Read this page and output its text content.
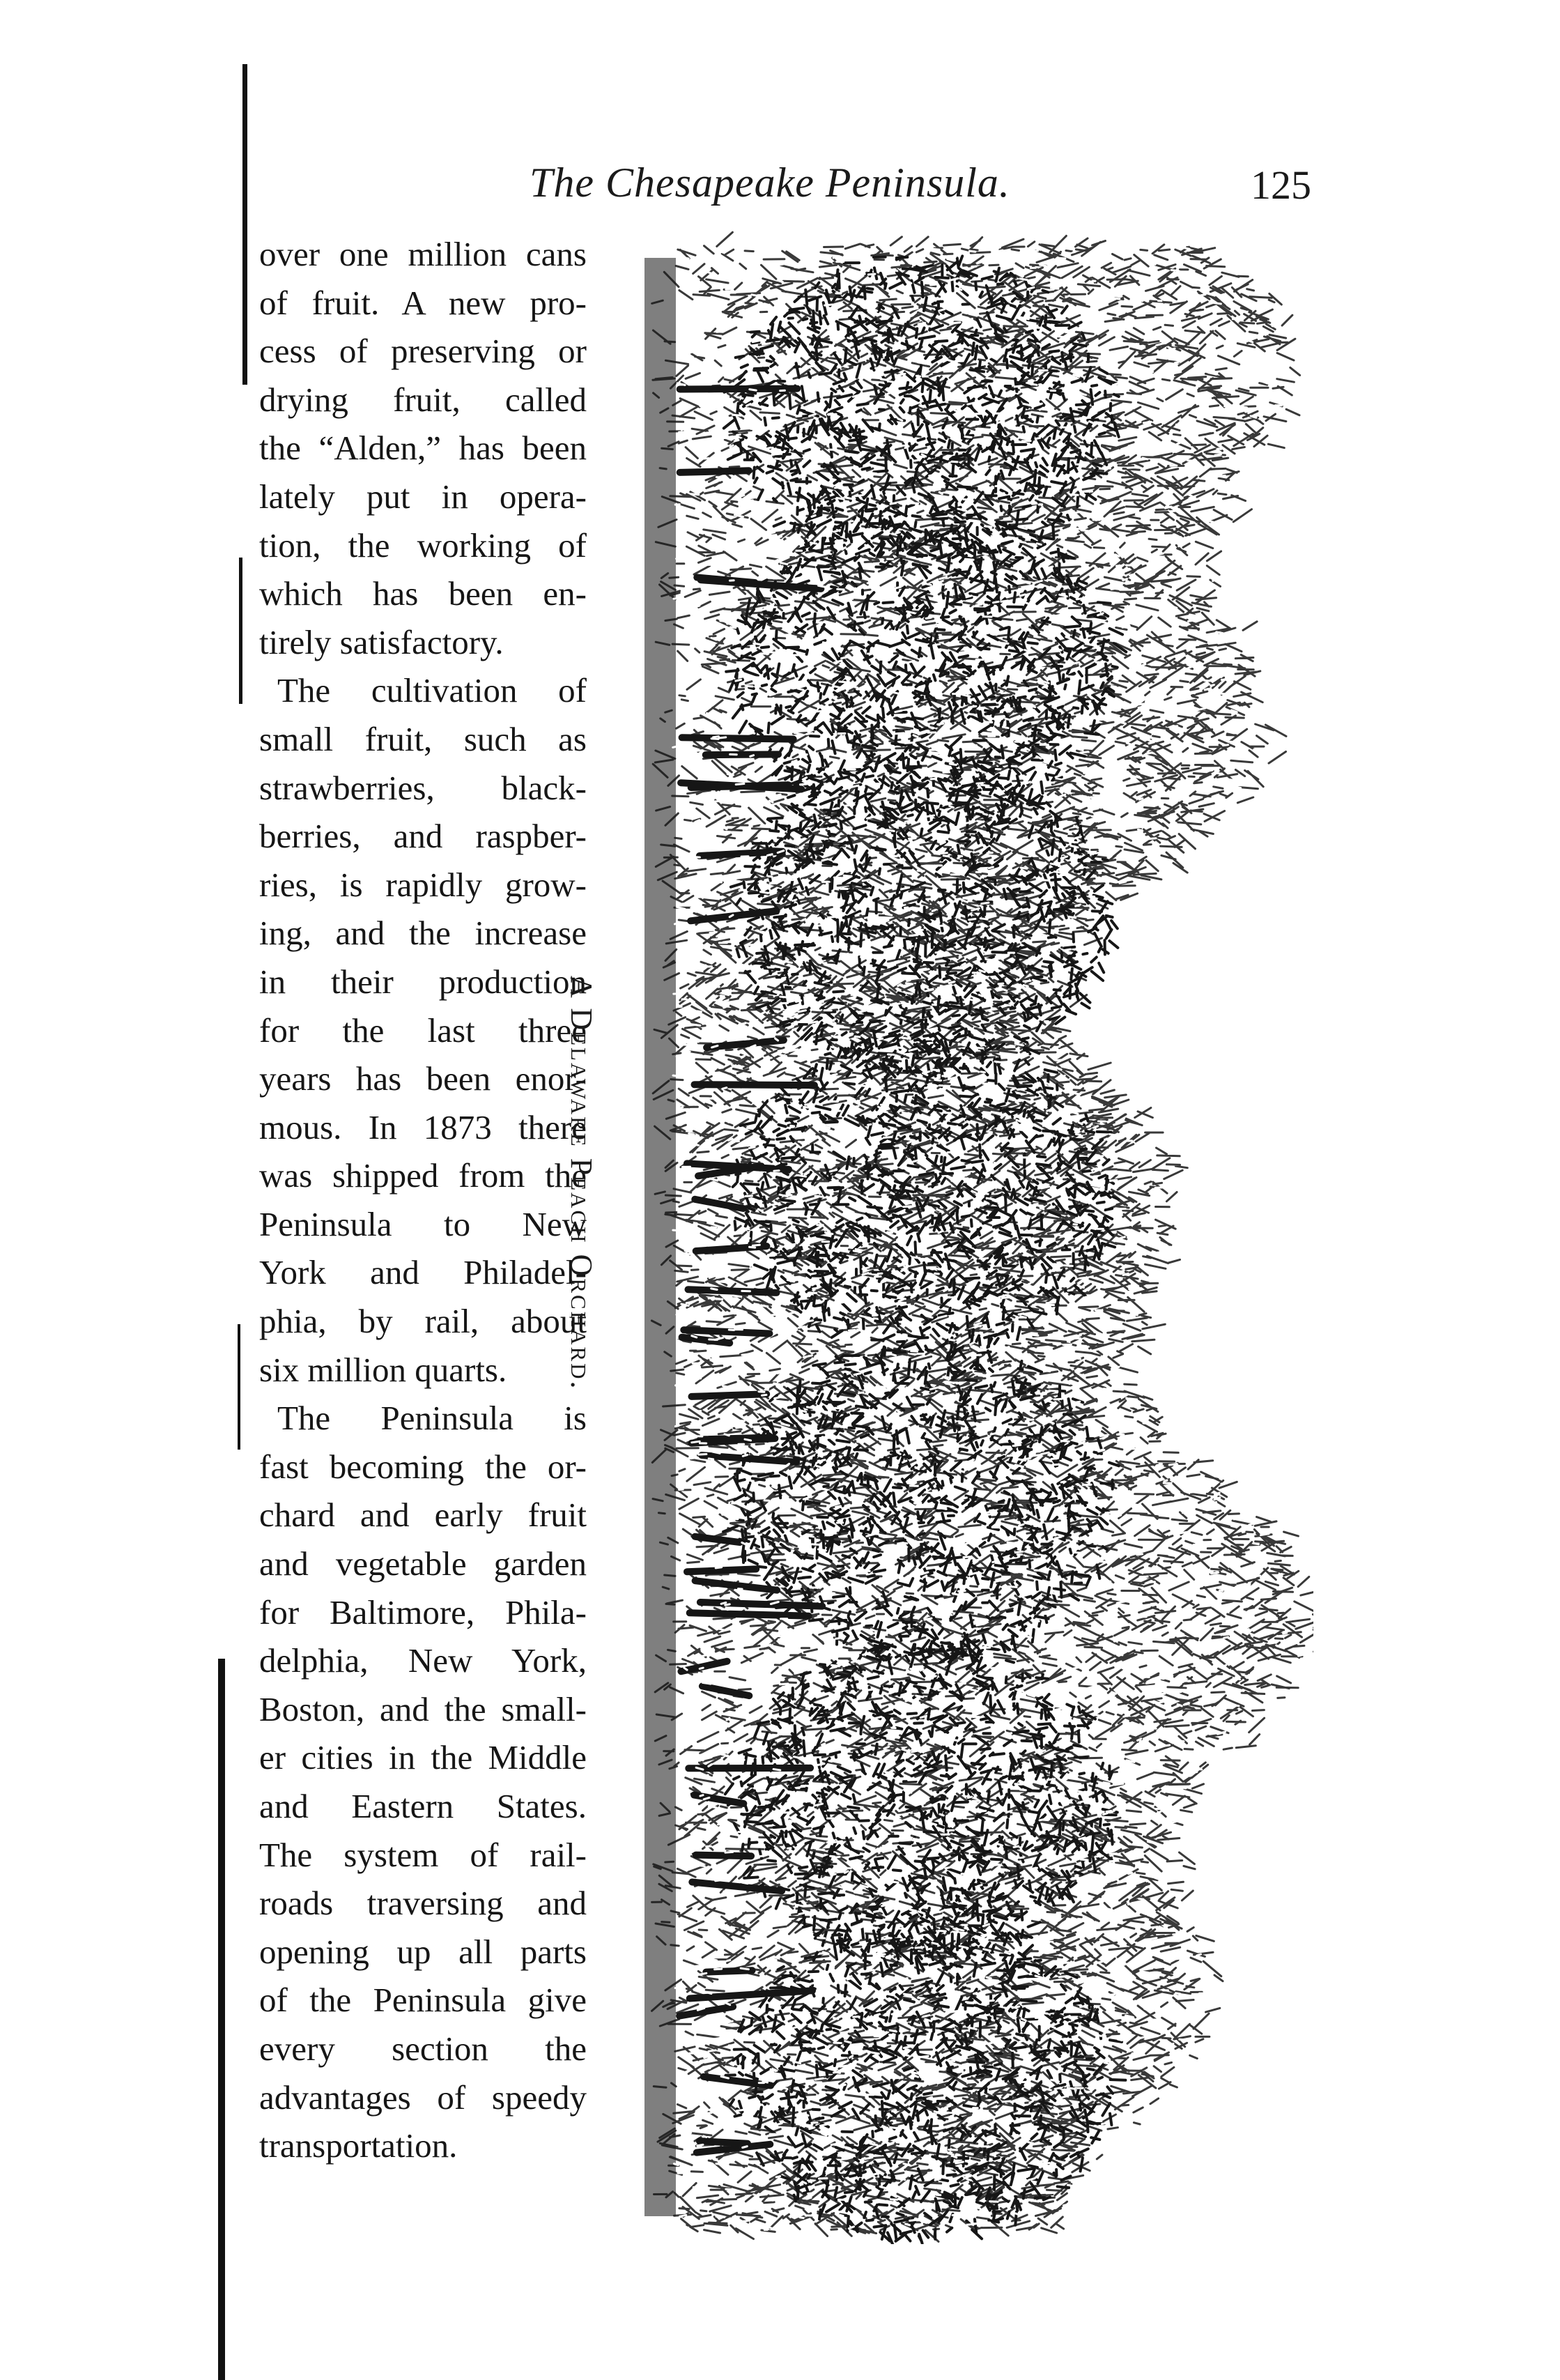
The Chesapeake Peninsula.	125
over one million cans
of fruit. A new pro-
cess of preserving or
drying fruit, called
the “Alden,” has been
lately put in opera-
tion, the working of
which has been en-
tirely satisfactory.
The cultivation of
small fruit, such as
strawberries, black-
berries, and raspber-
ries, is rapidly grow-
ing, and the increase
in their production
for the last three
years has been enor-
mous. In 1873 there
was shipped from the
Peninsula to New
York and Philadel-
phia, by rail, about
six million quarts.
The Peninsula is
fast becoming the or-
chard and early fruit
and vegetable garden
for Baltimore, Phila-
delphia, New York,
Boston, and the small-
er cities in the Middle
and Eastern States.
The system of rail-
roads traversing and
opening up all parts
of the Peninsula give
every section the
advantages of speedy
transportation.
A Delaware Peach Orchard.
